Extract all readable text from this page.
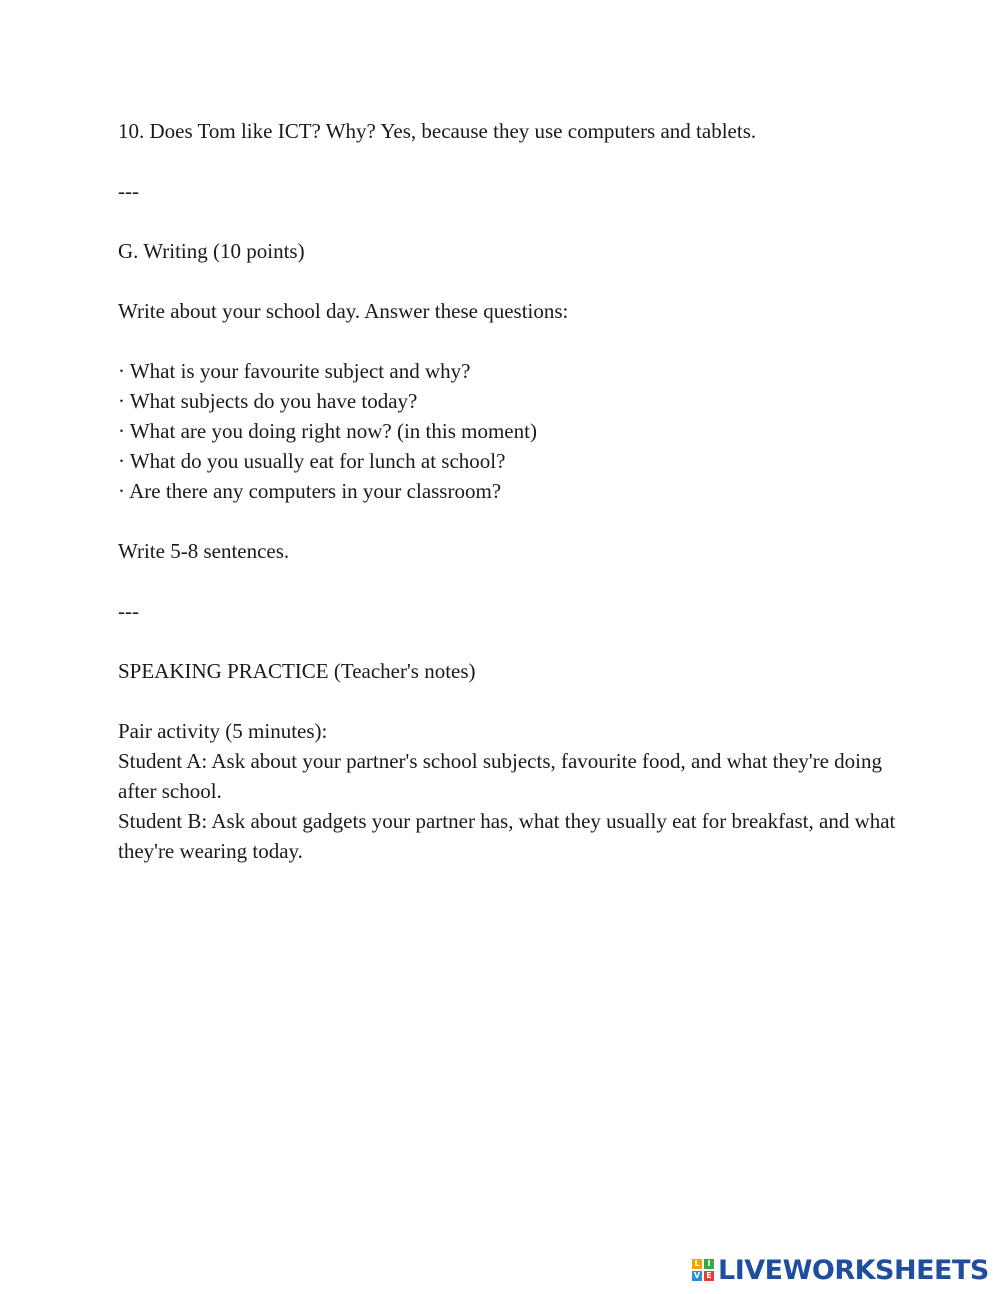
10. Does Tom like ICT? Why? Yes, because they use computers and tablets.

---

G. Writing (10 points)

Write about your school day. Answer these questions:

· What is your favourite subject and why?
· What subjects do you have today?
· What are you doing right now? (in this moment)
· What do you usually eat for lunch at school?
· Are there any computers in your classroom?

Write 5-8 sentences.

---

SPEAKING PRACTICE (Teacher's notes)

Pair activity (5 minutes):
Student A: Ask about your partner's school subjects, favourite food, and what they're doing after school.
Student B: Ask about gadgets your partner has, what they usually eat for breakfast, and what they're wearing today.
L I
V E LIVEWORKSHEETS
